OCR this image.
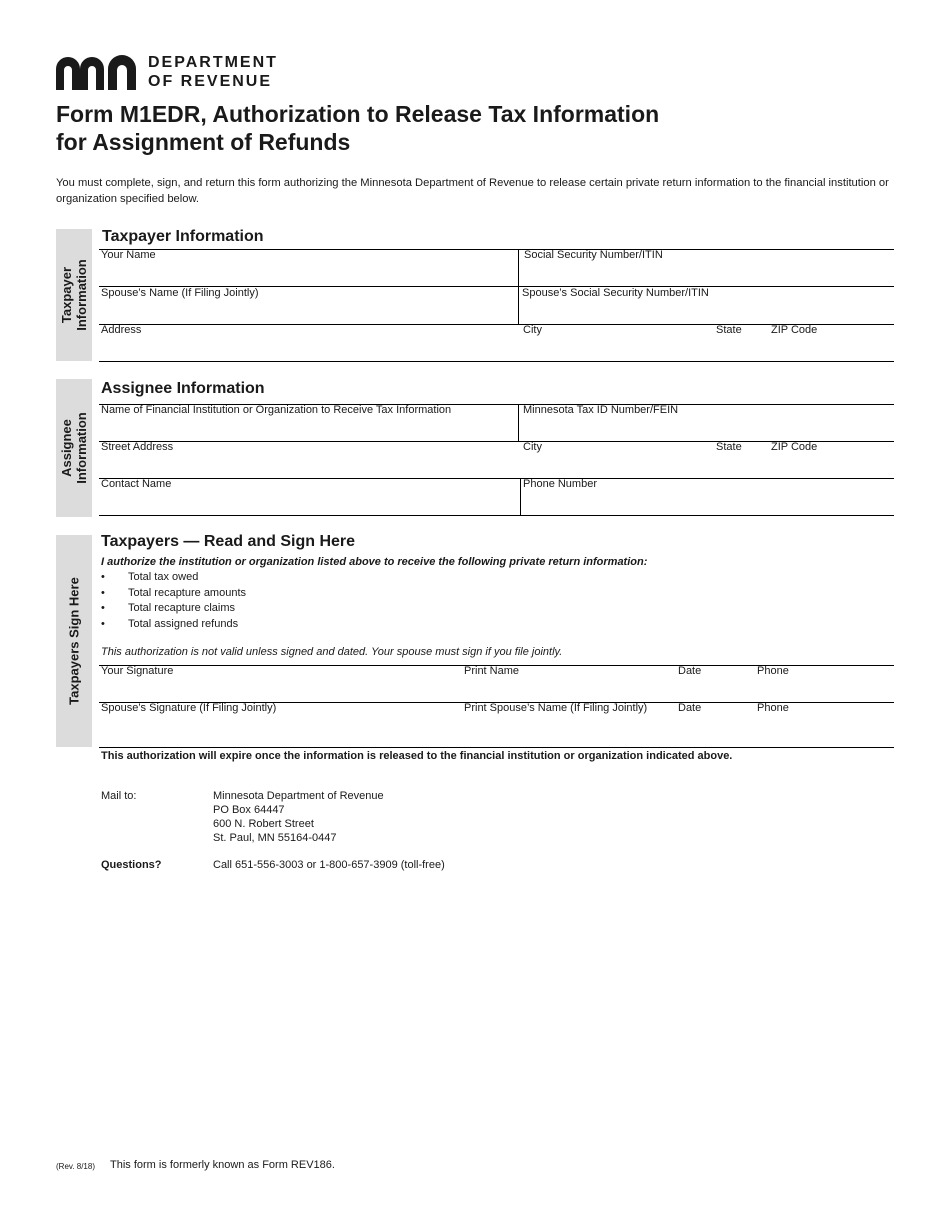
DEPARTMENT
OF REVENUE
Form M1EDR, Authorization to Release Tax Information
for Assignment of Refunds
You must complete, sign, and return this form authorizing the Minnesota Department of Revenue to release certain private return information to the financial institution or organization specified below.
Taxpayer Information
Taxpayer Information
Your Name	Social Security Number/ITIN
Spouse’s Name (If Filing Jointly)	Spouse’s Social Security Number/ITIN
Address	City	State	ZIP Code
Assignee Information
Assignee Information
Name of Financial Institution or Organization to Receive Tax Information	Minnesota Tax ID Number/FEIN
Street Address	City	State	ZIP Code
Contact Name	Phone Number
Taxpayers Sign Here
Taxpayers — Read and Sign Here
I authorize the institution or organization listed above to receive the following private return information:
• Total tax owed
• Total recapture amounts
• Total recapture claims
• Total assigned refunds
This authorization is not valid unless signed and dated. Your spouse must sign if you file jointly.
Your Signature	Print Name	Date	Phone
Spouse’s Signature (If Filing Jointly)	Print Spouse’s Name (If Filing Jointly)	Date	Phone
This authorization will expire once the information is released to the financial institution or organization indicated above.
Mail to:	Minnesota Department of Revenue
PO Box 64447
600 N. Robert Street
St. Paul, MN 55164-0447
Questions?	Call 651-556-3003 or 1-800-657-3909 (toll-free)
(Rev. 8/18) This form is formerly known as Form REV186.
